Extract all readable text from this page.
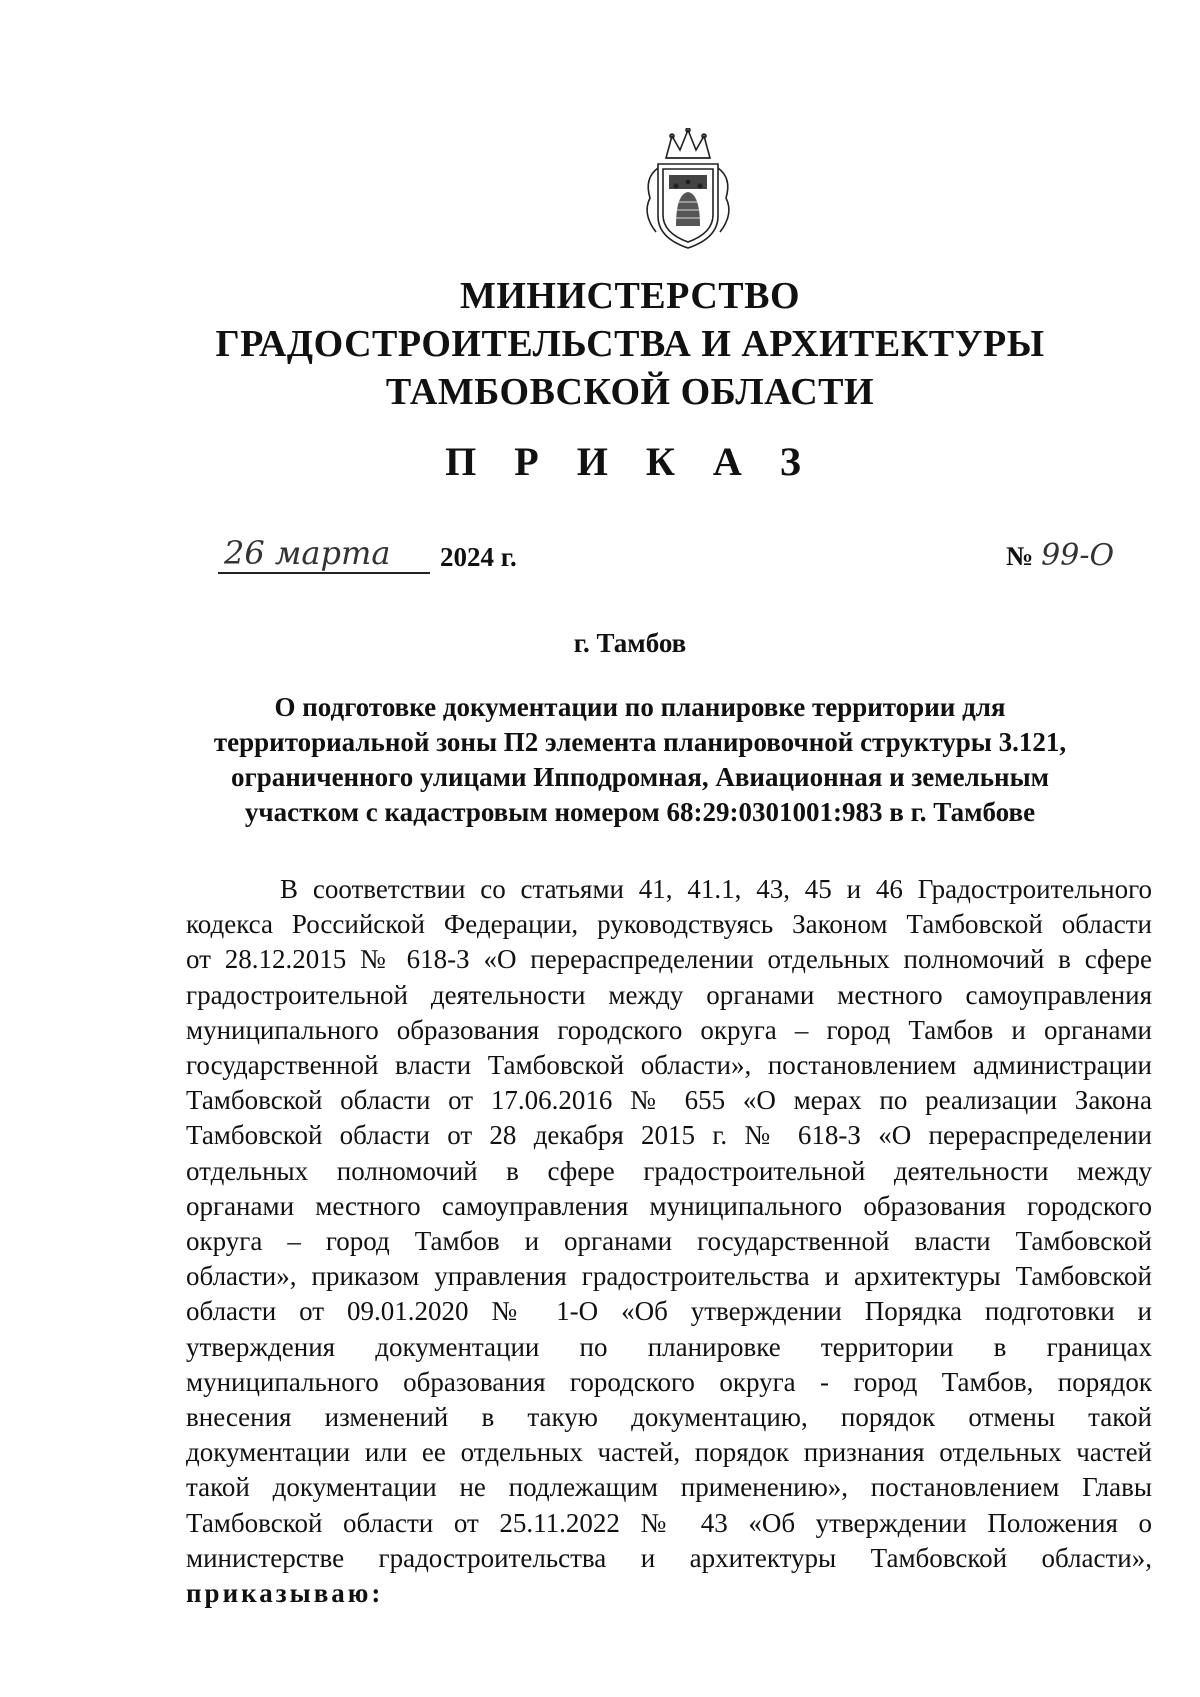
МИНИСТЕРСТВО
ГРАДОСТРОИТЕЛЬСТВА И АРХИТЕКТУРЫ
ТАМБОВСКОЙ ОБЛАСТИ
П Р И К А З
26 марта 2024 г.	№ 99-О
г. Тамбов
О подготовке документации по планировке территории для
территориальной зоны П2 элемента планировочной структуры 3.121,
ограниченного улицами Ипподромная, Авиационная и земельным
участком с кадастровым номером 68:29:0301001:983 в г. Тамбове
В соответствии со статьями 41, 41.1, 43, 45 и 46 Градостроительного
кодекса Российской Федерации, руководствуясь Законом Тамбовской области
от 28.12.2015 № 618-З «О перераспределении отдельных полномочий в сфере
градостроительной деятельности между органами местного самоуправления
муниципального образования городского округа – город Тамбов и органами
государственной власти Тамбовской области», постановлением администрации
Тамбовской области от 17.06.2016 № 655 «О мерах по реализации Закона
Тамбовской области от 28 декабря 2015 г. № 618-З «О перераспределении
отдельных полномочий в сфере градостроительной деятельности между
органами местного самоуправления муниципального образования городского
округа – город Тамбов и органами государственной власти Тамбовской
области», приказом управления градостроительства и архитектуры Тамбовской
области от 09.01.2020 № 1-О «Об утверждении Порядка подготовки и
утверждения документации по планировке территории в границах
муниципального образования городского округа - город Тамбов, порядок
внесения изменений в такую документацию, порядок отмены такой
документации или ее отдельных частей, порядок признания отдельных частей
такой документации не подлежащим применению», постановлением Главы
Тамбовской области от 25.11.2022 № 43 «Об утверждении Положения о
министерстве градостроительства и архитектуры Тамбовской области»,
приказываю:
